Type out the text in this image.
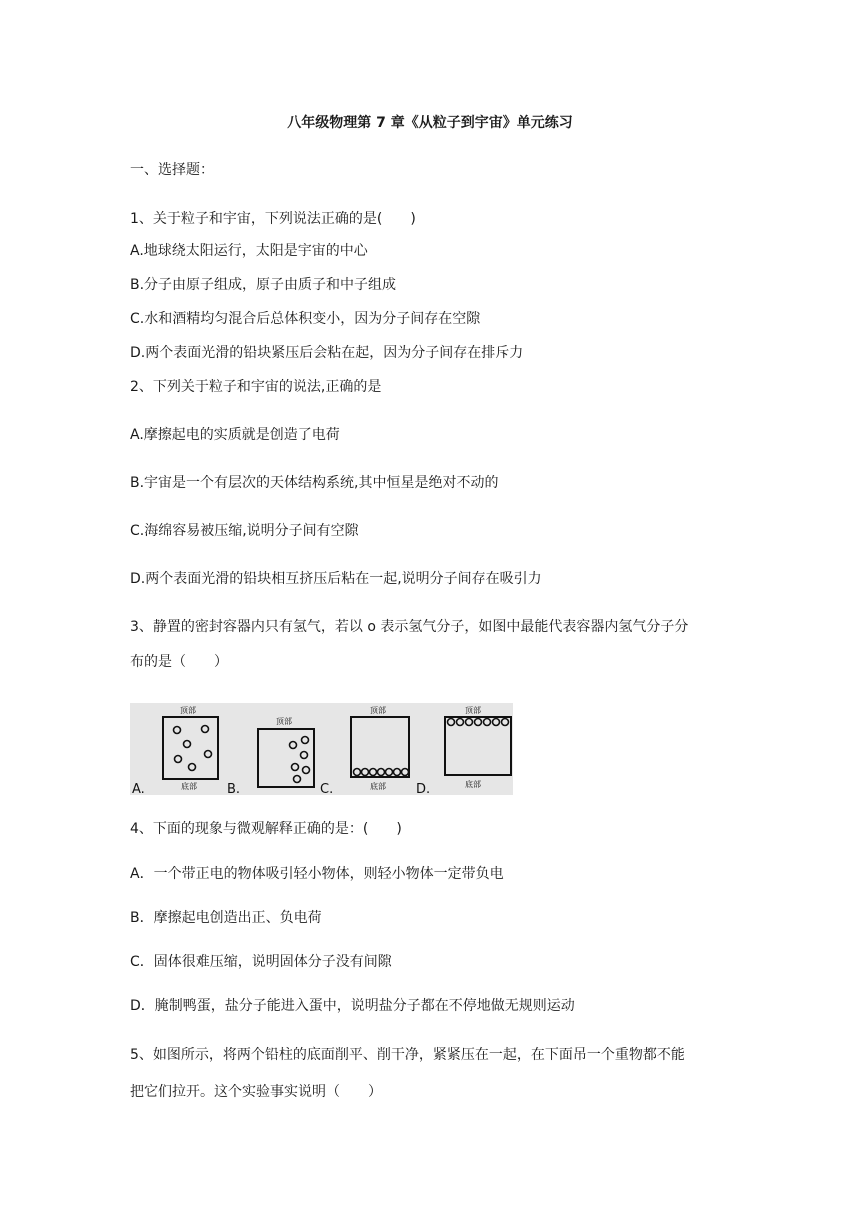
八年级物理第 7 章《从粒子到宇宙》单元练习
一、选择题：
1、关于粒子和宇宙，下列说法正确的是(　　)
A.地球绕太阳运行，太阳是宇宙的中心
B.分子由原子组成，原子由质子和中子组成
C.水和酒精均匀混合后总体积变小，因为分子间存在空隙
D.两个表面光滑的铅块紧压后会粘在起，因为分子间存在排斥力
2、下列关于粒子和宇宙的说法,正确的是
A.摩擦起电的实质就是创造了电荷
B.宇宙是一个有层次的天体结构系统,其中恒星是绝对不动的
C.海绵容易被压缩,说明分子间有空隙
D.两个表面光滑的铅块相互挤压后粘在一起,说明分子间存在吸引力
3、静置的密封容器内只有氢气，若以 o 表示氢气分子，如图中最能代表容器内氢气分子分
布的是（　　）
顶部
底部
顶部
顶部
底部
顶部
底部
A.	B.	C.	D.
4、下面的现象与微观解释正确的是：(　　)
A．一个带正电的物体吸引轻小物体，则轻小物体一定带负电
B．摩擦起电创造出正、负电荷
C．固体很难压缩，说明固体分子没有间隙
D．腌制鸭蛋，盐分子能进入蛋中，说明盐分子都在不停地做无规则运动
5、如图所示，将两个铅柱的底面削平、削干净，紧紧压在一起，在下面吊一个重物都不能
把它们拉开。这个实验事实说明（　　）
